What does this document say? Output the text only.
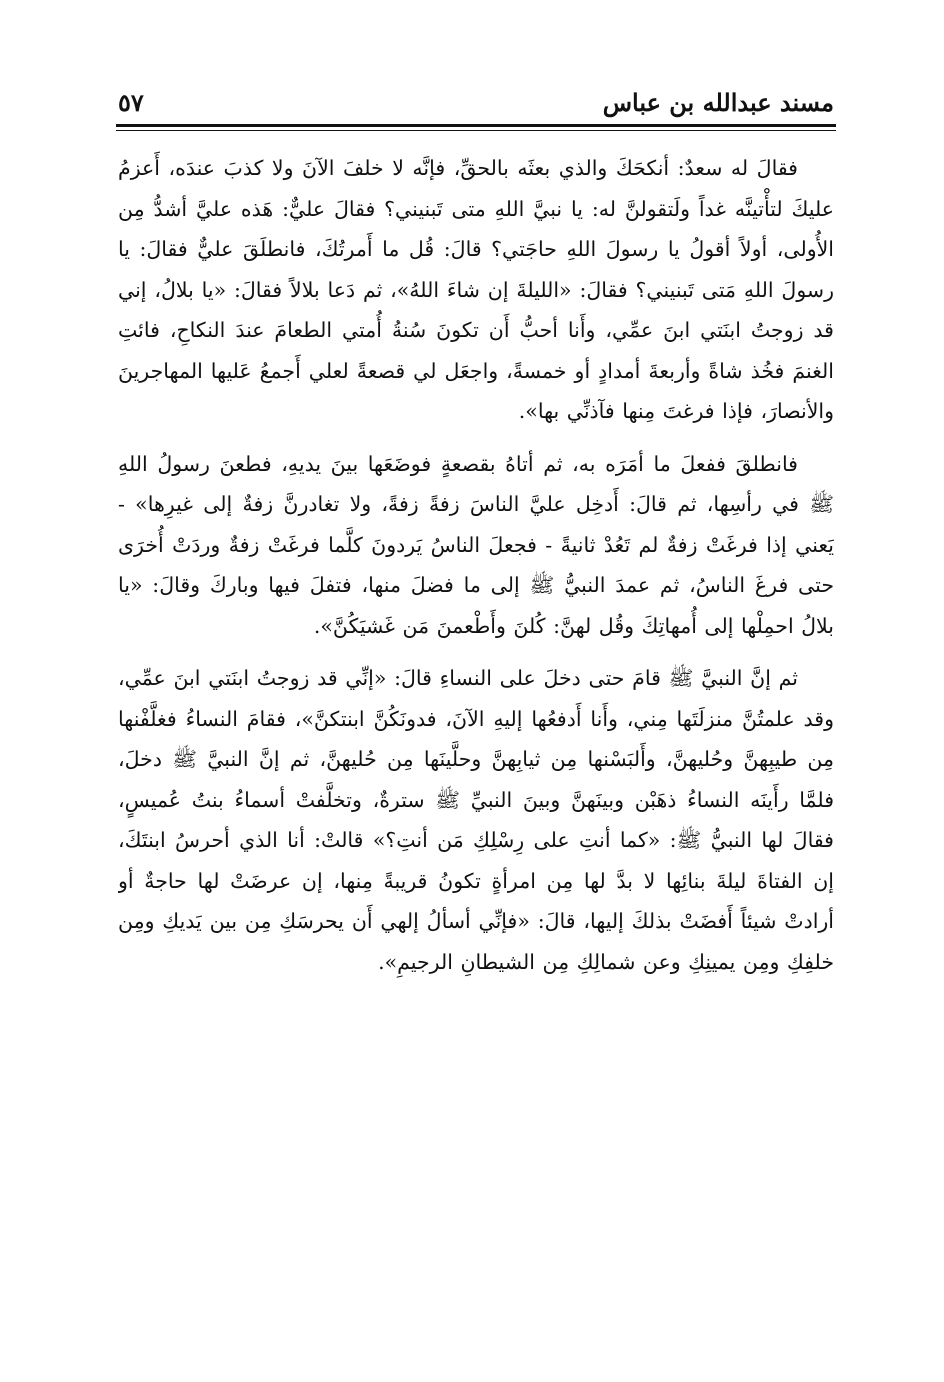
مسند عبدالله بن عباس
٥٧

فقالَ له سعدٌ: أنكحَكَ والذي بعثَه بالحقِّ، فإنَّه لا خلفَ الآنَ ولا كذبَ عندَه، أَعزمُ عليكَ لتأْتينَّه غداً ولَتقولنَّ له: يا نبيَّ اللهِ متى تَبنيني؟ فقالَ عليٌّ: هَذه عليَّ أشدُّ مِن الأُولى، أولاً أقولُ يا رسولَ اللهِ حاجَتي؟ قالَ: قُل ما أَمرتُكَ، فانطلَقَ عليٌّ فقالَ: يا رسولَ اللهِ مَتى تَبنيني؟ فقالَ: «الليلةَ إن شاءَ اللهُ»، ثم دَعا بلالاً فقالَ: «يا بلالُ، إني قد زوجتُ ابنَتي ابنَ عمِّي، وأَنا أحبُّ أَن تكونَ سُنةُ أُمتي الطعامَ عندَ النكاحِ، فائتِ الغنمَ فخُذ شاةً وأربعةَ أمدادٍ أو خمسةً، واجعَل لي قصعةً لعلي أَجمعُ عَليها المهاجرينَ والأنصارَ، فإذا فرغتَ مِنها فآذنِّي بها».

فانطلقَ ففعلَ ما أمَرَه به، ثم أتاهُ بقصعةٍ فوضَعَها بينَ يديهِ، فطعنَ رسولُ اللهِ ﷺ في رأسِها، ثم قالَ: أَدخِل عليَّ الناسَ زفةً زفةً، ولا تغادرنَّ زفةٌ إلى غيرِها» - يَعني إذا فرغَتْ زفةٌ لم تَعُدْ ثانيةً - فجعلَ الناسُ يَردونَ كلَّما فرغَتْ زفةٌ وردَتْ أُخرَى حتى فرغَ الناسُ، ثم عمدَ النبيُّ ﷺ إلى ما فضلَ منها، فتفلَ فيها وباركَ وقالَ: «يا بلالُ احمِلْها إلى أُمهاتِكَ وقُل لهنَّ: كُلنَ وأَطْعمنَ مَن غَشيَكُنَّ».

ثم إنَّ النبيَّ ﷺ قامَ حتى دخلَ على النساءِ قالَ: «إنِّي قد زوجتُ ابنَتي ابنَ عمِّي، وقد علمتُنَّ منزلَتَها مِني، وأَنا أَدفعُها إليهِ الآنَ، فدونَكُنَّ ابنتكنَّ»، فقامَ النساءُ فغلَّفْنها مِن طيبِهنَّ وحُليهنَّ، وأَلبَسْنها مِن ثيابِهنَّ وحلَّينَها مِن حُليهنَّ، ثم إنَّ النبيَّ ﷺ دخلَ، فلمَّا رأَينَه النساءُ ذهَبْن وبينَهنَّ وبينَ النبيِّ ﷺ سترةٌ، وتخلَّفتْ أسماءُ بنتُ عُميسٍ، فقالَ لها النبيُّ ﷺ: «كما أنتِ على رِسْلِكِ مَن أنتِ؟» قالتْ: أنا الذي أحرسُ ابنتَكَ، إن الفتاةَ ليلةَ بنائِها لا بدَّ لها مِن امرأةٍ تكونُ قريبةً مِنها، إن عرضَتْ لها حاجةٌ أو أرادتْ شيئاً أَفضَتْ بذلكَ إليها، قالَ: «فإنِّي أسألُ إلهي أَن يحرسَكِ مِن بين يَديكِ ومِن خلفِكِ ومِن يمينِكِ وعن شمالِكِ مِن الشيطانِ الرجيمِ».
